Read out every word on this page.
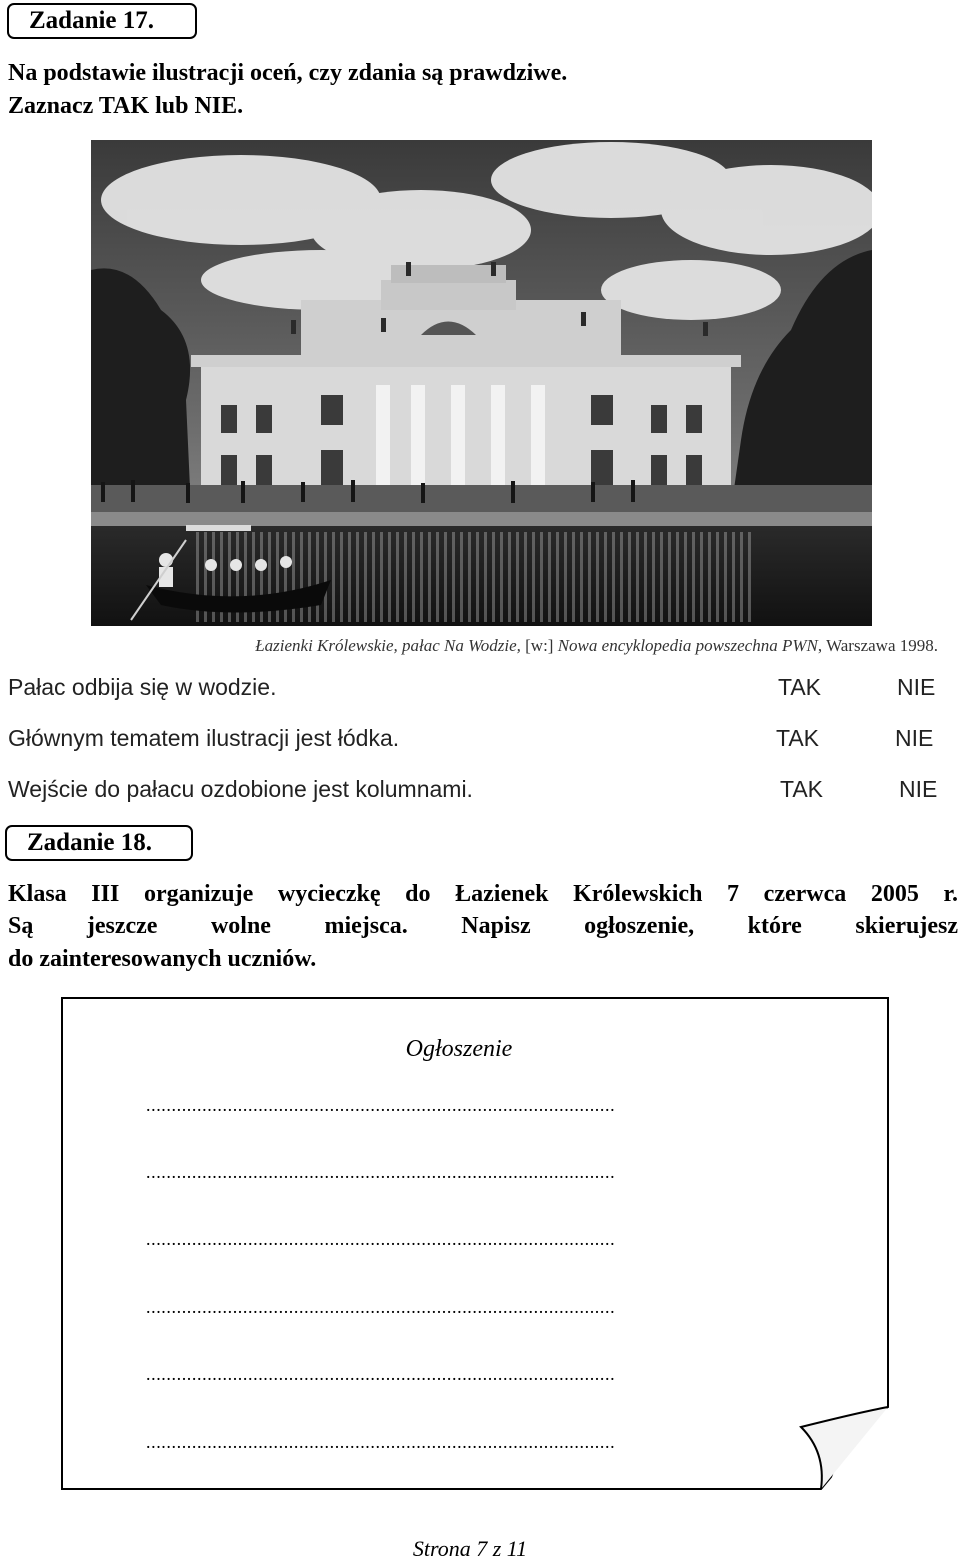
Zadanie 17.
Na podstawie ilustracji oceń, czy zdania są prawdziwe.
Zaznacz TAK lub NIE.
Łazienki Królewskie, pałac Na Wodzie, [w:] Nowa encyklopedia powszechna PWN, Warszawa 1998.
Pałac odbija się w wodzie.	TAK	NIE
Głównym tematem ilustracji jest łódka.	TAK	NIE
Wejście do pałacu ozdobione jest kolumnami.	TAK	NIE
Zadanie 18.
Klasa III organizuje wycieczkę do Łazienek Królewskich 7 czerwca 2005 r.
Są jeszcze wolne miejsca. Napisz ogłoszenie, które skierujesz
do zainteresowanych uczniów.
Ogłoszenie
............................................................................................
............................................................................................
............................................................................................
............................................................................................
............................................................................................
............................................................................................
Strona 7 z 11
